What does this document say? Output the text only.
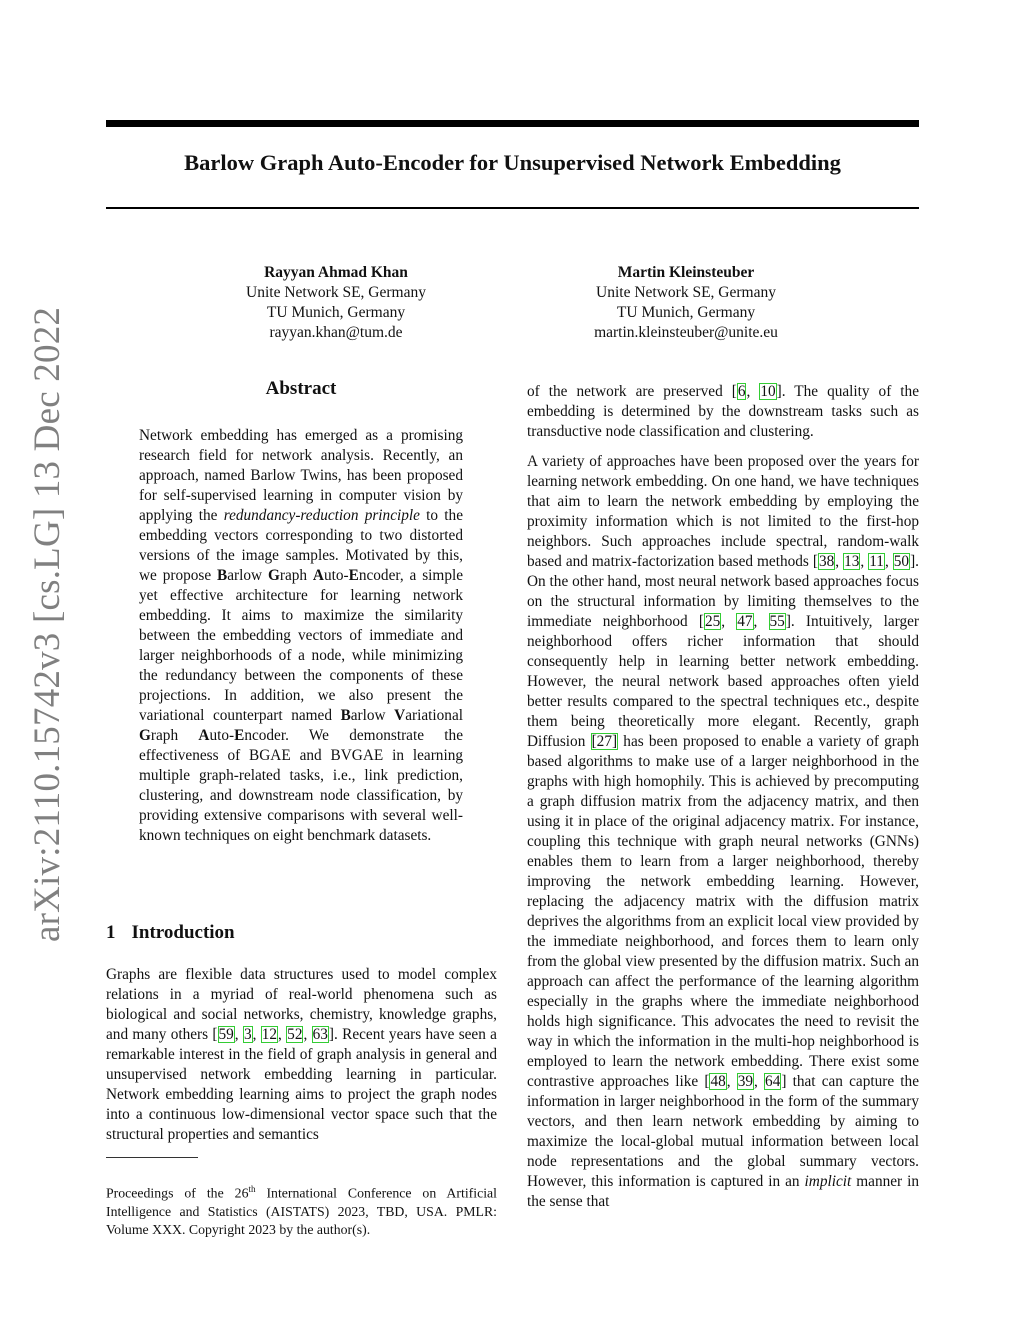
Barlow Graph Auto-Encoder for Unsupervised Network Embedding
Rayyan Ahmad Khan
Unite Network SE, Germany
TU Munich, Germany
rayyan.khan@tum.de
Martin Kleinsteuber
Unite Network SE, Germany
TU Munich, Germany
martin.kleinsteuber@unite.eu
arXiv:2110.15742v3 [cs.LG] 13 Dec 2022	Abstract

Network embedding has emerged as a promising research field for network analysis. Recently, an approach, named Barlow Twins, has been proposed for self-supervised learning in computer vision by applying the redundancy-reduction principle to the embedding vectors corresponding to two distorted versions of the image samples. Motivated by this, we propose Barlow Graph Auto-Encoder, a simple yet effective architecture for learning network embedding. It aims to maximize the similarity between the embedding vectors of immediate and larger neighborhoods of a node, while minimizing the redundancy between the components of these projections. In addition, we also present the variational counterpart named Barlow Variational Graph Auto-Encoder. We demonstrate the effectiveness of BGAE and BVGAE in learning multiple graph-related tasks, i.e., link prediction, clustering, and downstream node classification, by providing extensive comparisons with several well-known techniques on eight benchmark datasets.

1 Introduction

Graphs are flexible data structures used to model complex relations in a myriad of real-world phenomena such as biological and social networks, chemistry, knowledge graphs, and many others [59, 3, 12, 52, 63]. Recent years have seen a remarkable interest in the field of graph analysis in general and unsupervised network embedding learning in particular. Network embedding learning aims to project the graph nodes into a continuous low-dimensional vector space such that the structural properties and semantics

Proceedings of the 26th International Conference on Artificial Intelligence and Statistics (AISTATS) 2023, TBD, USA. PMLR: Volume XXX. Copyright 2023 by the author(s).

of the network are preserved [6, 10]. The quality of the embedding is determined by the downstream tasks such as transductive node classification and clustering.

A variety of approaches have been proposed over the years for learning network embedding. On one hand, we have techniques that aim to learn the network embedding by employing the proximity information which is not limited to the first-hop neighbors. Such approaches include spectral, random-walk based and matrix-factorization based methods [38, 13, 11, 50]. On the other hand, most neural network based approaches focus on the structural information by limiting themselves to the immediate neighborhood [25, 47, 55]. Intuitively, larger neighborhood offers richer information that should consequently help in learning better network embedding. However, the neural network based approaches often yield better results compared to the spectral techniques etc., despite them being theoretically more elegant. Recently, graph Diffusion [27] has been proposed to enable a variety of graph based algorithms to make use of a larger neighborhood in the graphs with high homophily. This is achieved by precomputing a graph diffusion matrix from the adjacency matrix, and then using it in place of the original adjacency matrix. For instance, coupling this technique with graph neural networks (GNNs) enables them to learn from a larger neighborhood, thereby improving the network embedding learning. However, replacing the adjacency matrix with the diffusion matrix deprives the algorithms from an explicit local view provided by the immediate neighborhood, and forces them to learn only from the global view presented by the diffusion matrix. Such an approach can affect the performance of the learning algorithm especially in the graphs where the immediate neighborhood holds high significance. This advocates the need to revisit the way in which the information in the multi-hop neighborhood is employed to learn the network embedding. There exist some contrastive approaches like [48, 39, 64] that can capture the information in larger neighborhood in the form of the summary vectors, and then learn network embedding by aiming to maximize the local-global mutual information between local node representations and the global summary vectors. However, this information is captured in an implicit manner in the sense that
